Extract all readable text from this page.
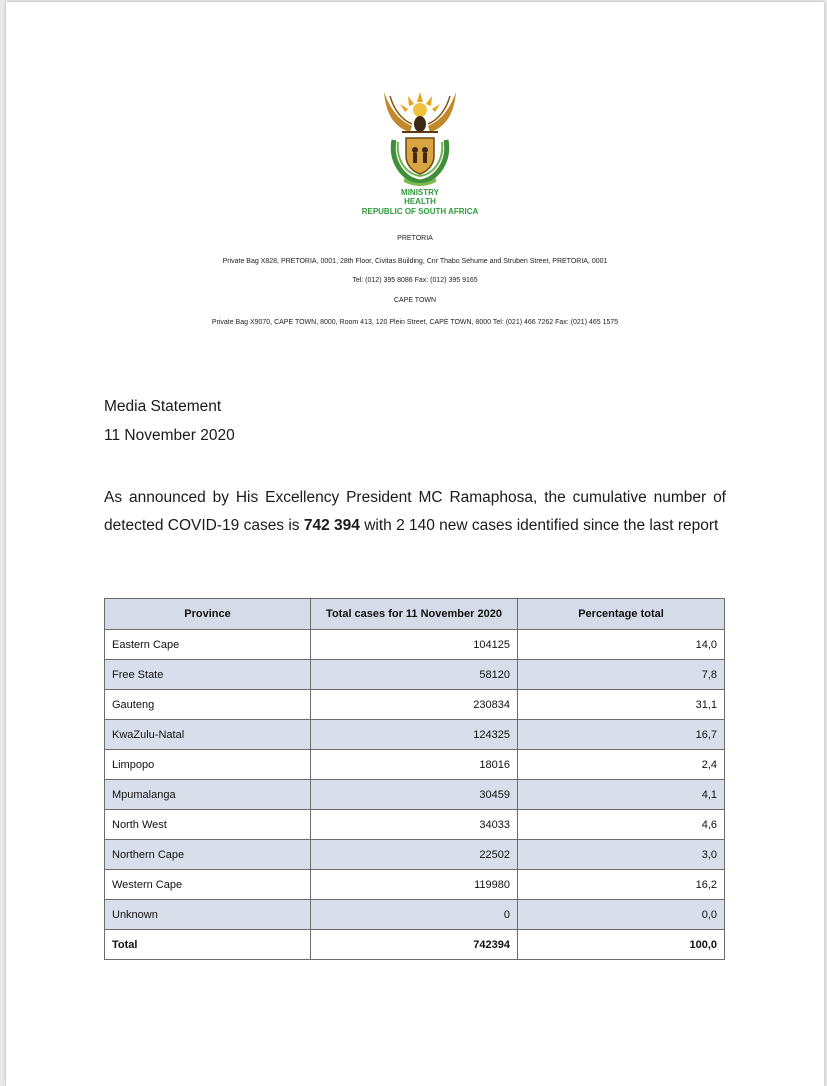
MINISTRY
HEALTH
REPUBLIC OF SOUTH AFRICA
PRETORIA
Private Bag X828, PRETORIA, 0001, 28th Floor, Civitas Building, Cnr Thabo Sehume and Struben Street, PRETORIA, 0001
Tel: (012) 395 8086 Fax: (012) 395 9165
CAPE TOWN
Private Bag X9070, CAPE TOWN, 8000, Room 413, 120 Plein Street, CAPE TOWN, 8000 Tel: (021) 466 7262 Fax: (021) 465 1575
Media Statement
11 November 2020
As announced by His Excellency President MC Ramaphosa, the cumulative number of detected COVID-19 cases is 742 394 with 2 140 new cases identified since the last report
Province	Total cases for 11 November 2020	Percentage total
Eastern Cape	104125	14,0
Free State	58120	7,8
Gauteng	230834	31,1
KwaZulu-Natal	124325	16,7
Limpopo	18016	2,4
Mpumalanga	30459	4,1
North West	34033	4,6
Northern Cape	22502	3,0
Western Cape	119980	16,2
Unknown	0	0,0
Total	742394	100,0
